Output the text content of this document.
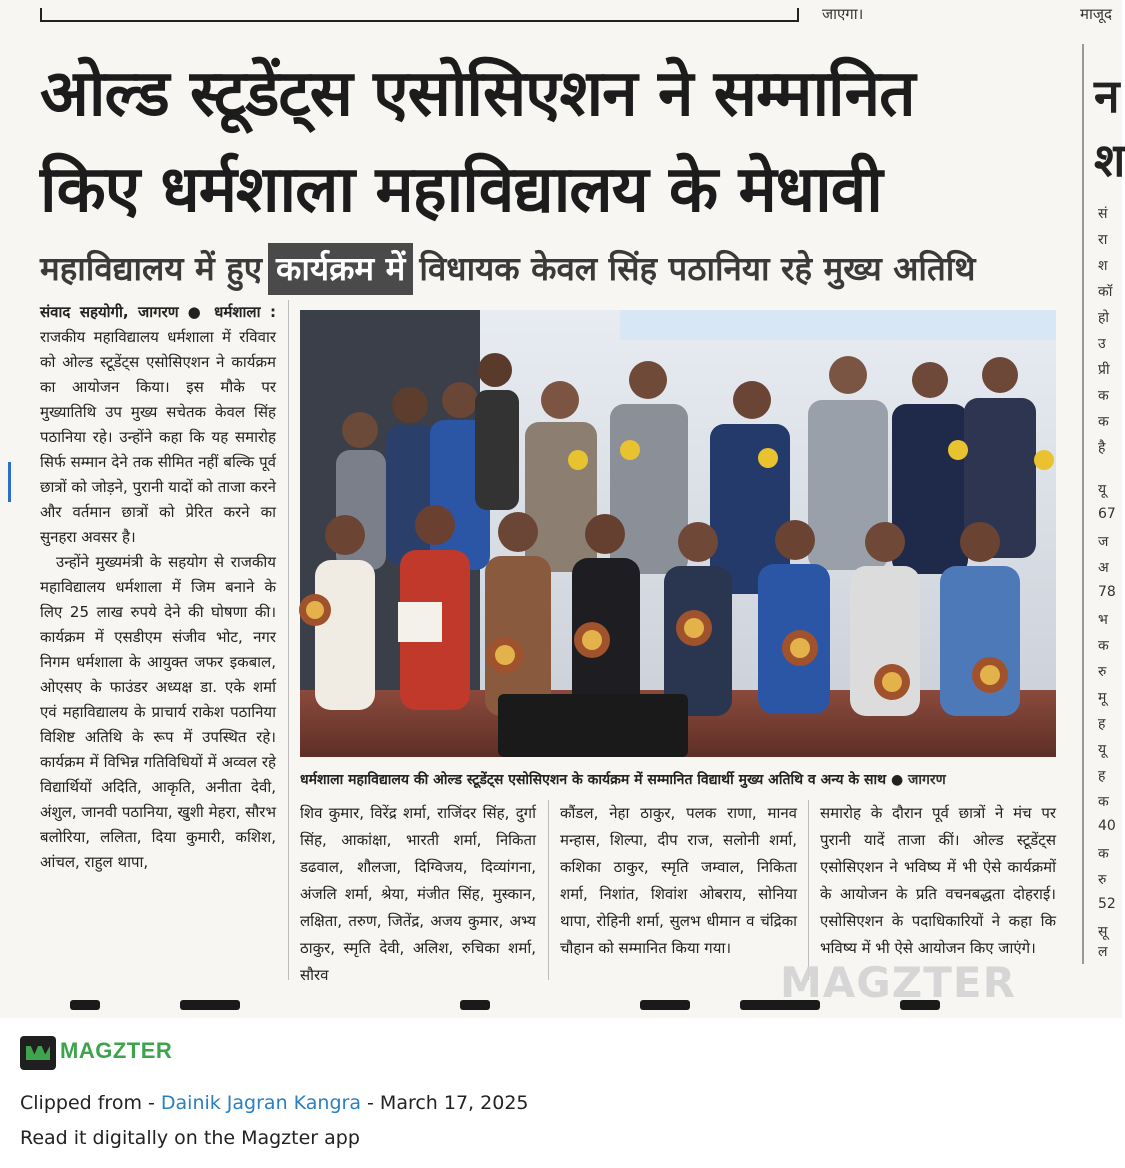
जाएगा।	माजूद
ओल्ड स्टूडेंट्स एसोसिएशन ने सम्मानित
किए धर्मशाला महाविद्यालय के मेधावी
महाविद्यालय में हुए कार्यक्रम में विधायक केवल सिंह पठानिया रहे मुख्य अतिथि

संवाद सहयोगी, जागरण ● धर्मशाला : राजकीय महाविद्यालय धर्मशाला में रविवार को ओल्ड स्टूडेंट्स एसोसिएशन ने कार्यक्रम का आयोजन किया। इस मौके पर मुख्यातिथि उप मुख्य सचेतक केवल सिंह पठानिया रहे। उन्होंने कहा कि यह समारोह सिर्फ सम्मान देने तक सीमित नहीं बल्कि पूर्व छात्रों को जोड़ने, पुरानी यादों को ताजा करने और वर्तमान छात्रों को प्रेरित करने का सुनहरा अवसर है।

उन्होंने मुख्यमंत्री के सहयोग से राजकीय महाविद्यालय धर्मशाला में जिम बनाने के लिए 25 लाख रुपये देने की घोषणा की। कार्यक्रम में एसडीएम संजीव भोट, नगर निगम धर्मशाला के आयुक्त जफर इकबाल, ओएसए के फाउंडर अध्यक्ष डा. एके शर्मा एवं महाविद्यालय के प्राचार्य राकेश पठानिया विशिष्ट अतिथि के रूप में उपस्थित रहे। कार्यक्रम में विभिन्न गतिविधियों में अव्वल रहे विद्यार्थियों अदिति, आकृति, अनीता देवी, अंशुल, जानवी पठानिया, खुशी मेहरा, सौरभ बलोरिया, ललिता, दिया कुमारी, कशिश, आंचल, राहुल थापा,

धर्मशाला महाविद्यालय की ओल्ड स्टूडेंट्स एसोसिएशन के कार्यक्रम में सम्मानित विद्यार्थी मुख्य अतिथि व अन्य के साथ ● जागरण
शिव कुमार, विरेंद्र शर्मा, राजिंदर सिंह, दुर्गा सिंह, आकांक्षा, भारती शर्मा, निकिता डढवाल, शौलजा, दिग्विजय, दिव्यांगना, अंजलि शर्मा, श्रेया, मंजीत सिंह, मुस्कान, लक्षिता, तरुण, जितेंद्र, अजय कुमार, अभ्य ठाकुर, स्मृति देवी, अलिश, रुचिका शर्मा, सौरव
कौंडल, नेहा ठाकुर, पलक राणा, मानव मन्हास, शिल्पा, दीप राज, सलोनी शर्मा, कशिका ठाकुर, स्मृति जम्वाल, निकिता शर्मा, निशांत, शिवांश ओबराय, सोनिया थापा, रोहिनी शर्मा, सुलभ धीमान व चंद्रिका चौहान को सम्मानित किया गया।
समारोह के दौरान पूर्व छात्रों ने मंच पर पुरानी यादें ताजा कीं। ओल्ड स्टूडेंट्स एसोसिएशन ने भविष्य में भी ऐसे कार्यक्रमों के आयोजन के प्रति वचनबद्धता दोहराई। एसोसिएशन के पदाधिकारियों ने कहा कि भविष्य में भी ऐसे आयोजन किए जाएंगे।
न
श
सं
रा
श
कॉ
हो
उ
प्री
क
क
है
यू
67
ज
अ
78
भ
क
रु
मू
ह
यू
ह
क
40
क
रु
52
सू
ल
MAGZTER
MAGZTER
Clipped from - Dainik Jagran Kangra - March 17, 2025
Read it digitally on the Magzter app
